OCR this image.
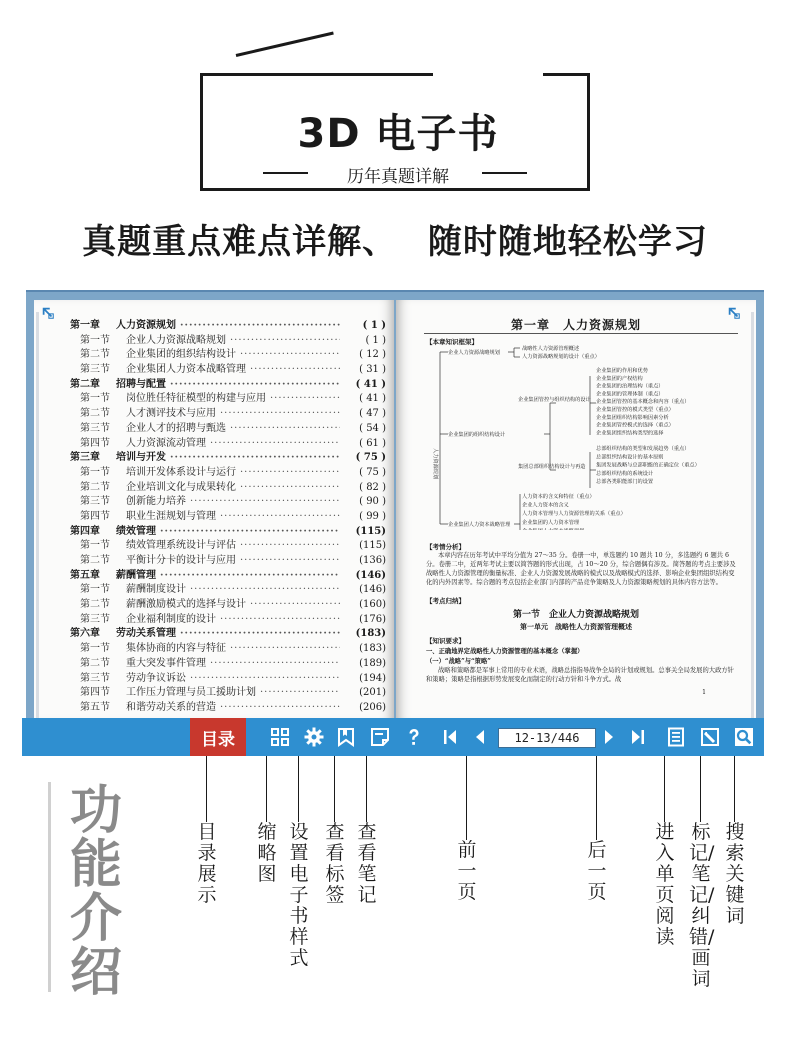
3D 电子书
历年真题详解
真题重点难点详解、 随时随地轻松学习
第一章	人力资源规划 ·····	( 1 )
第一节	企业人力资源战略规划 ·····	( 1 )
第二节	企业集团的组织结构设计 ·····	( 12 )
第三节	企业集团人力资本战略管理 ·····	( 31 )
第二章	招聘与配置 ·····	( 41 )
第一节	岗位胜任特征模型的构建与应用 ·····	( 41 )
第二节	人才测评技术与应用 ·····	( 47 )
第三节	企业人才的招聘与甄选 ·····	( 54 )
第四节	人力资源流动管理 ·····	( 61 )
第三章	培训与开发 ·····	( 75 )
第一节	培训开发体系设计与运行 ·····	( 75 )
第二节	企业培训文化与成果转化 ·····	( 82 )
第三节	创新能力培养 ·····	( 90 )
第四节	职业生涯规划与管理 ·····	( 99 )
第四章	绩效管理 ·····	(115)
第一节	绩效管理系统设计与评估 ·····	(115)
第二节	平衡计分卡的设计与应用 ·····	(136)
第五章	薪酬管理 ·····	(146)
第一节	薪酬制度设计 ·····	(146)
第二节	薪酬激励模式的选择与设计 ·····	(160)
第三节	企业福利制度的设计 ·····	(176)
第六章	劳动关系管理 ·····	(183)
第一节	集体协商的内容与特征 ·····	(183)
第二节	重大突发事件管理 ·····	(189)
第三节	劳动争议诉讼 ·····	(194)
第四节	工作压力管理与员工援助计划 ·····	(201)
第五节	和谐劳动关系的营造 ·····	(206)
第一章　人力资源规划
【本章知识框架】
人力资源规划
企业人力资源战略规划
企业集团的组织结构设计
企业集团人力资本战略管理
战略性人力资源管理概述
人力资源战略规划的设计（重点）
企业集团管控与组织结构的设计
集团总部组织结构设计与再造
企业集团的作用和优势
企业集团的产权结构
企业集团的治理结构（重点）
企业集团的管理体制（重点）
企业集团管控的基本概念和内容（重点）
企业集团管控的模式类型（重点）
企业集团组织结构影响因素分析
企业集团管控模式的选择（重点）
企业集团组织结构类型的选择
总部组织结构的类型和发展趋势（重点）
总部组织结构设计的基本原则
集团发展战略与总部职能的正确定位（重点）
总部组织结构的系统设计
总部各类职能部门的设置
人力资本的含义和特征（重点）
企业人力资本的含义
人力资本管理与人力资源管理的关系（重点）
企业集团的人力资本管理
【考情分析】
本章内容在历年考试中平均分值为 27～35 分。卷册一中，单选题约 10 题共 10 分，多选题约 6 题共 6 分。卷册二中，近两年考试主要以简答题的形式出现，占 10～20 分，综合题偶有涉及。简答题的考点主要涉及战略性人力资源管理的衡量标准、企业人力资源发展战略的模式以及战略模式的选择、影响企业集团组织结构变化的内外因素等。综合题的考点包括企业部门内部的产品竞争策略及人力资源策略规划的具体内容方法等。
【考点归纳】
第一节　企业人力资源战略规划
第一单元　战略性人力资源管理概述
【知识要求】
一、正确地界定战略性人力资源管理的基本概念（掌握）
（一）“战略”与“策略”
战略和策略都是军事上常用的专业术语，战略总指指导战争全局的计划或规划。总事关全局发展的大政方针和策略；策略是指根据形势发展变化而制定的行动方针和斗争方式。战
1
目录	12-13/446
功能介绍
目录展示
缩略图
设置电子书样式
查看标签
查看笔记
前一页
后一页
进入单页阅读
标记/笔记/纠错/画词
搜索关键词
